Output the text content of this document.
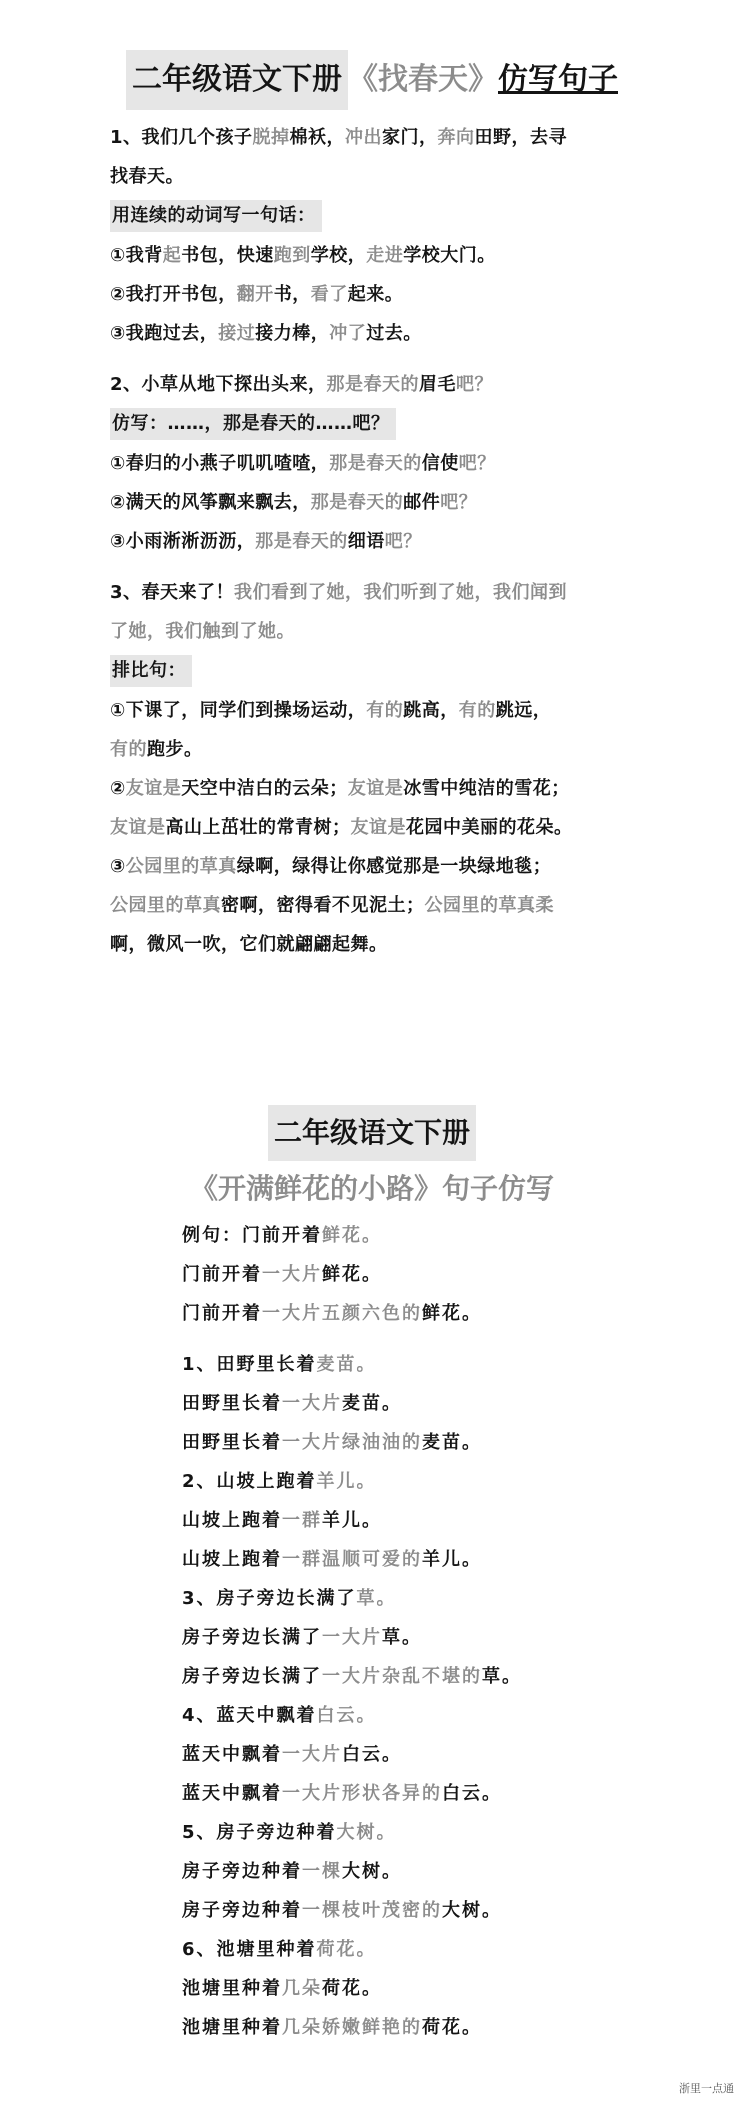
二年级语文下册 《找春天》仿写句子

1、我们几个孩子脱掉棉袄，冲出家门，奔向田野，去寻

找春天。

用连续的动词写一句话：

①我背起书包，快速跑到学校，走进学校大门。

②我打开书包，翻开书，看了起来。

③我跑过去，接过接力棒，冲了过去。

2、小草从地下探出头来，那是春天的眉毛吧？

仿写：……，那是春天的……吧？

①春归的小燕子叽叽喳喳，那是春天的信使吧？

②满天的风筝飘来飘去，那是春天的邮件吧？

③小雨淅淅沥沥，那是春天的细语吧？

3、春天来了！我们看到了她，我们听到了她，我们闻到

了她，我们触到了她。

排比句：

①下课了，同学们到操场运动，有的跳高，有的跳远，

有的跑步。

②友谊是天空中洁白的云朵；友谊是冰雪中纯洁的雪花；

友谊是高山上茁壮的常青树；友谊是花园中美丽的花朵。

③公园里的草真绿啊，绿得让你感觉那是一块绿地毯；

公园里的草真密啊，密得看不见泥土；公园里的草真柔

啊，微风一吹，它们就翩翩起舞。

二年级语文下册
《开满鲜花的小路》句子仿写

例句：门前开着鲜花。

门前开着一大片鲜花。

门前开着一大片五颜六色的鲜花。

1、田野里长着麦苗。

田野里长着一大片麦苗。

田野里长着一大片绿油油的麦苗。

2、山坡上跑着羊儿。

山坡上跑着一群羊儿。

山坡上跑着一群温顺可爱的羊儿。

3、房子旁边长满了草。

房子旁边长满了一大片草。

房子旁边长满了一大片杂乱不堪的草。

4、蓝天中飘着白云。

蓝天中飘着一大片白云。

蓝天中飘着一大片形状各异的白云。

5、房子旁边种着大树。

房子旁边种着一棵大树。

房子旁边种着一棵枝叶茂密的大树。

6、池塘里种着荷花。

池塘里种着几朵荷花。

池塘里种着几朵娇嫩鲜艳的荷花。

浙里一点通
